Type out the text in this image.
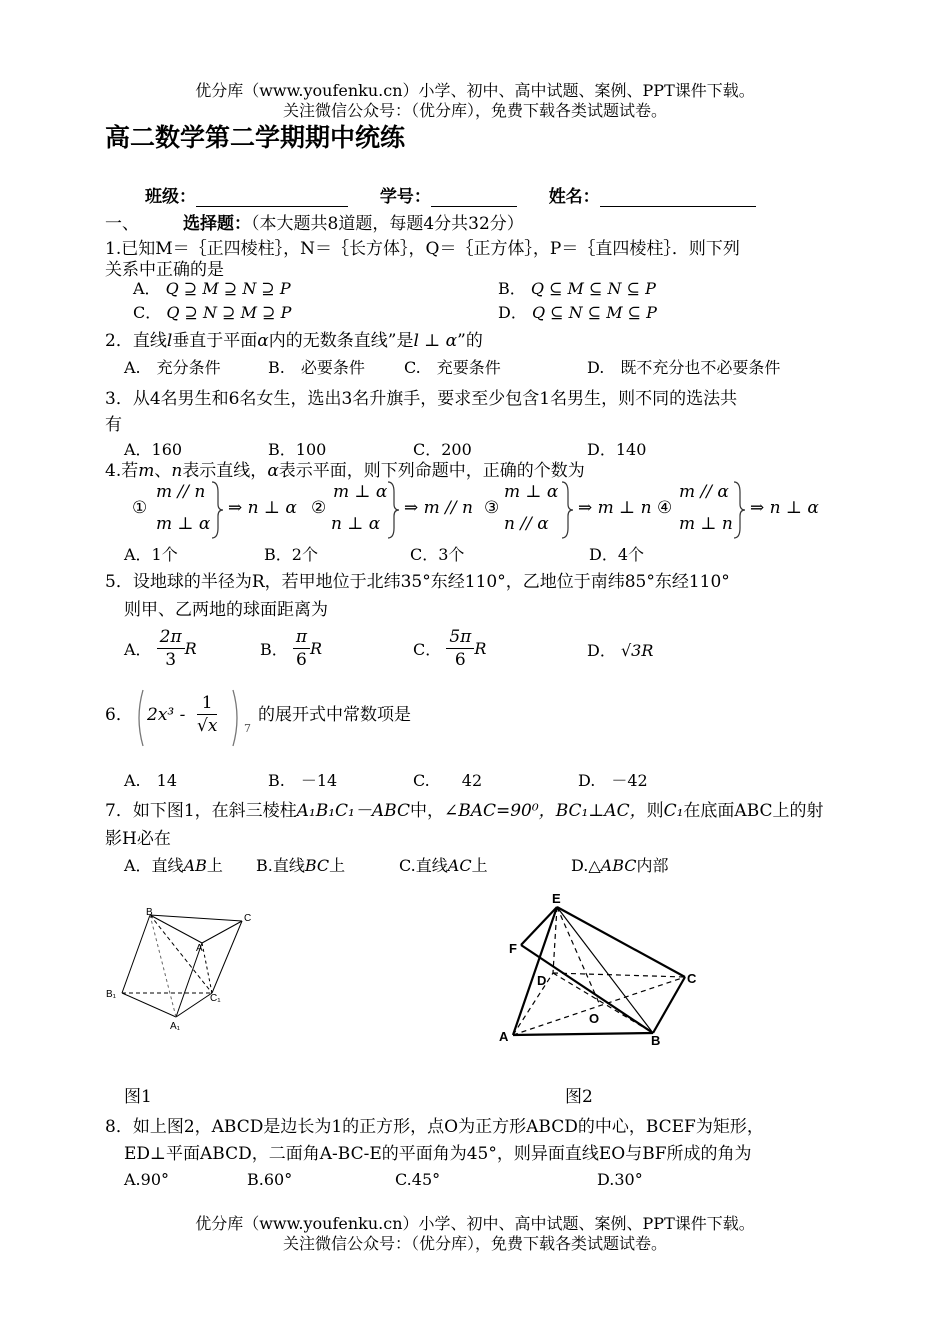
优分库（www.youfenku.cn）小学、初中、高中试题、案例、PPT课件下载。
关注微信公众号：（优分库），免费下载各类试题试卷。
高二数学第二学期期中统练
班级：	学号：	姓名：
一、	选择题：（本大题共8道题，每题4分共32分）
1.已知M＝｛正四棱柱｝，N＝｛长方体｝，Q＝｛正方体｝，P＝｛直四棱柱｝．则下列
关系中正确的是
A． Q ⊇ M ⊇ N ⊇ P	B． Q ⊆ M ⊆ N ⊆ P
C． Q ⊇ N ⊇ M ⊇ P	D． Q ⊆ N ⊆ M ⊆ P
2．直线l垂直于平面α内的无数条直线”是l ⊥ α”的
A.　充分条件	B.　必要条件 C.　充要条件	D.　既不充分也不必要条件
3．从4名男生和6名女生，选出3名升旗手，要求至少包含1名男生，则不同的选法共
有
A．160	B．100	C．200	D．140
4.若m、n表示直线，α表示平面，则下列命题中，正确的个数为
①
m // n
m ⊥ α
⇒ n ⊥ α ②
m ⊥ α
n ⊥ α
⇒ m // n ③
m ⊥ α
n // α
⇒ m ⊥ n ④
m // α
m ⊥ n
⇒ n ⊥ α
A．1个	B．2个	C．3个	D．4个
5．设地球的半径为R，若甲地位于北纬35°东经110°，乙地位于南纬85°东经110°
则甲、乙两地的球面距离为
A． $\frac{2\pi}{3}$ R	B． $\frac{\pi}{6}$ R	C． $\frac{5\pi}{6}$ R	D． √3R
6． $2x^3 - \frac{1}{√x} 7$
的展开式中常数项是
A.　14	B.　－14	C.　　42	D.　－42
7．如下图1，在斜三棱柱A₁B₁C₁－ABC中，∠BAC=90⁰，BC₁⊥AC，则C₁在底面ABC上的射
影H必在
A．直线AB上 B.直线BC上	C.直线AC上	D.△ABC内部
B
C
A
B₁	C₁
A₁
图1
E
F
D	C
O
A	B
图2
8．如上图2，ABCD是边长为1的正方形，点O为正方形ABCD的中心，BCEF为矩形，
ED⊥平面ABCD，二面角A-BC-E的平面角为45°，则异面直线EO与BF所成的角为
A.90°	B.60°	C.45°	D.30°
优分库（www.youfenku.cn）小学、初中、高中试题、案例、PPT课件下载。
关注微信公众号：（优分库），免费下载各类试题试卷。
